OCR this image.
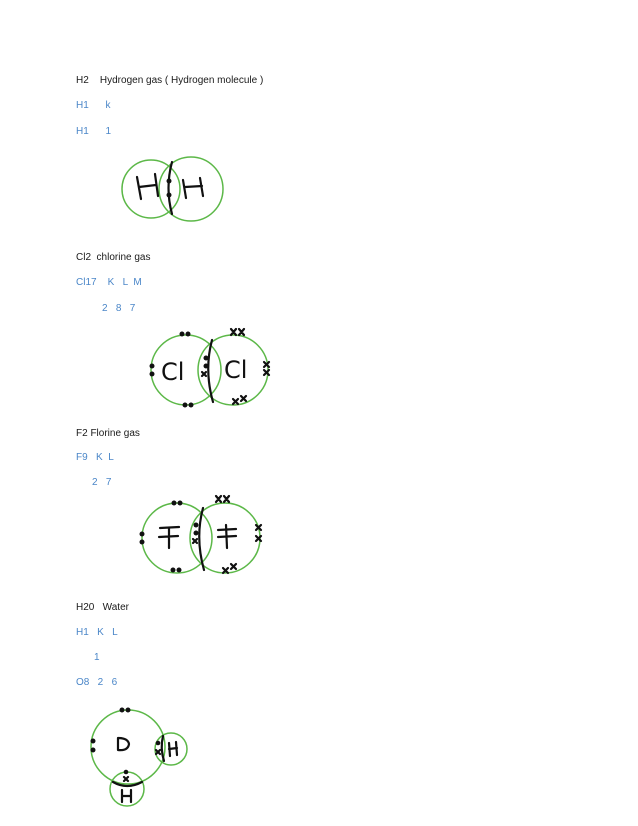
H2    Hydrogen gas ( Hydrogen molecule )
H1      k
H1      1
Cl2  chlorine gas
Cl17    K   L  M
2   8   7
Cl Cl
F2 Florine gas
F9   K  L
2   7
H20   Water
H1   K   L
1
O8   2   6
